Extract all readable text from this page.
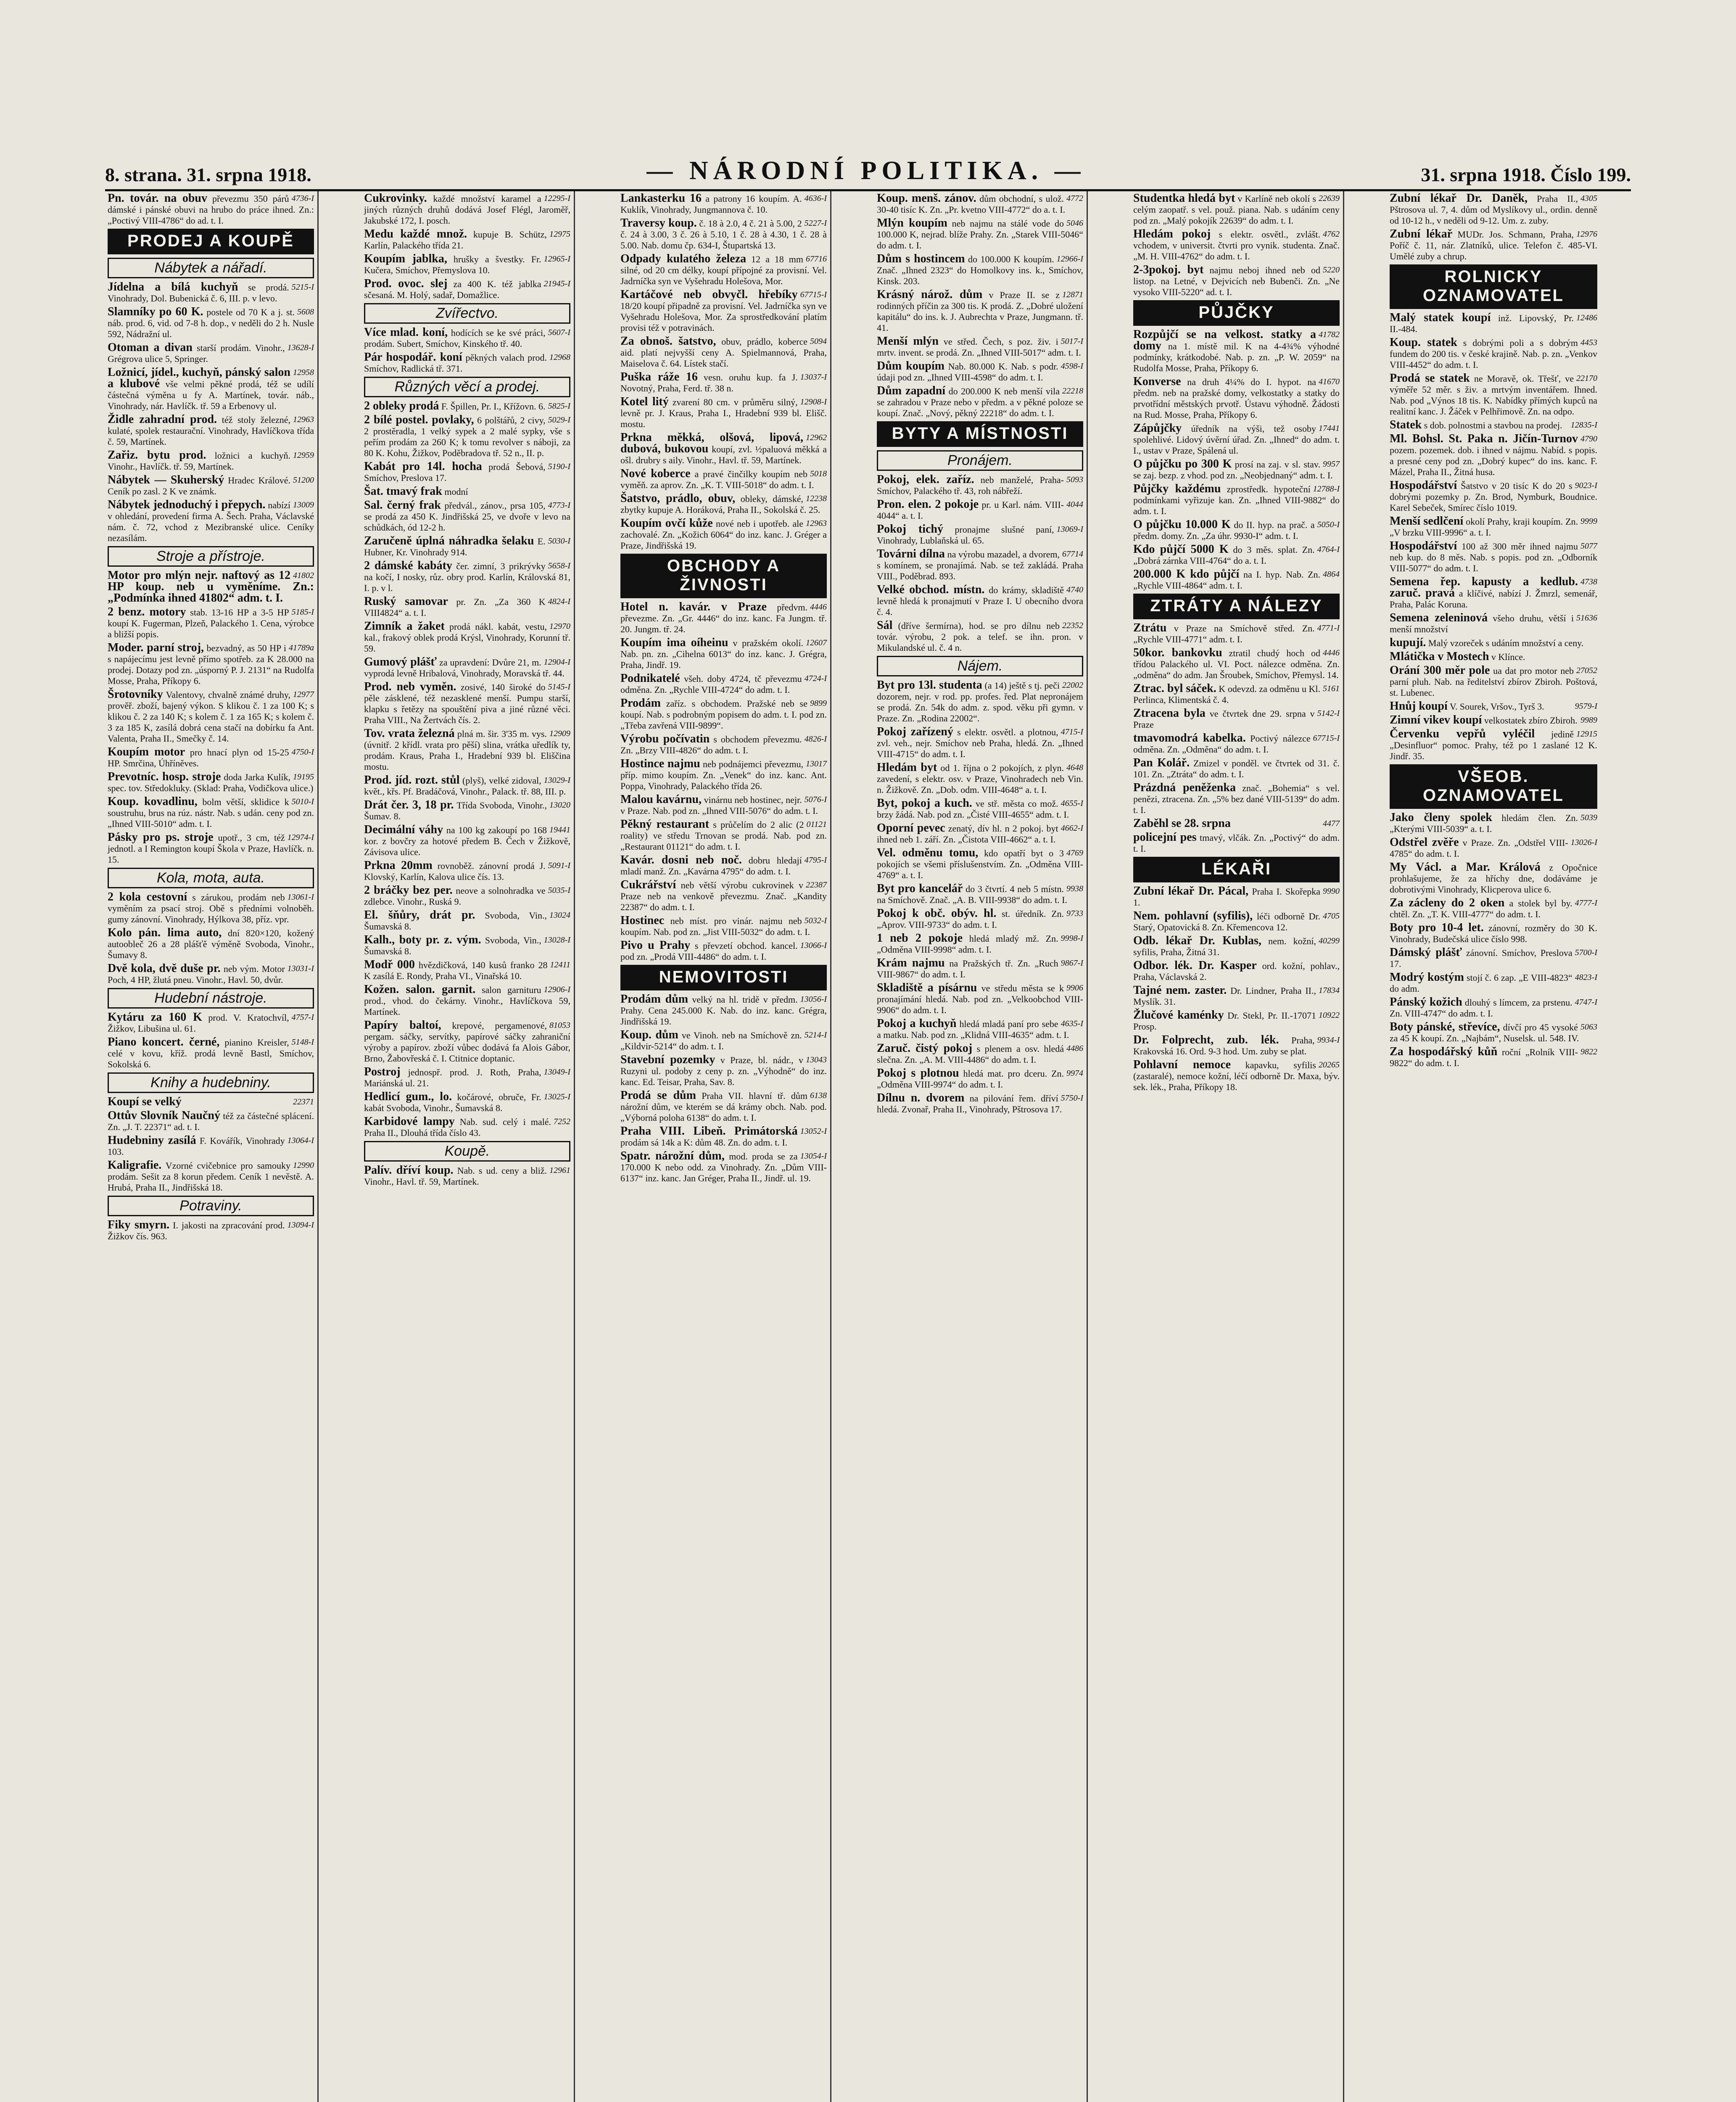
8. strana. 31. srpna 1918.	— NÁRODNÍ POLITIKA. —	31. srpna 1918. Číslo 199.

4736-I
Pn. továr. na obuv převezmu 350 párů dámské i pánské obuvi na hrubo do práce ihned. Zn.: „Poctivý VIII-4786“ do ad. t. I.

PRODEJ A KOUPĚ
Nábytek a nářadí.

5215-I
Jídelna a bílá kuchyň se prodá. Vinohrady, Dol. Bubenická č. 6, III. p. v levo.

5608
Slamníky po 60 K. postele od 70 K a j. st. náb. prod. 6, vid. od 7-8 h. dop., v neděli do 2 h. Nusle 592, Nádražní ul.

13628-I
Otoman a divan starší prodám. Vinohr., Grégrova ulice 5, Springer.

12958
Ložnicí, jídel., kuchyň, pánský salon a klubové vše velmi pěkné prodá, též se udílí částečná výměna u fy A. Martínek, továr. náb., Vinohrady, nár. Havlíčk. tř. 59 a Erbenovy ul.

12963
Židle zahradní prod. též stoly železné, kulaté, spolek restaurační. Vinohrady, Havlíčkova třída č. 59, Martínek.

12959
Zařiz. bytu prod. ložnici a kuchyň. Vinohr., Havlíčk. tř. 59, Martínek.

51200
Nábytek — Skuherský Hradec Králové. Ceník po zasl. 2 K ve známk.

13009
Nábytek jednoduchý i přepych. nabízí v ohledání, provedení firma A. Šech. Praha, Václavské nám. č. 72, vchod z Mezibranské ulice. Ceníky nezasílám.

Stroje a přístroje.

41802
Motor pro mlýn nejr. naftový as 12 HP koup. neb u vyměníme. Zn.: „Podmínka ihned 41802“ adm. t. I.

5185-I
2 benz. motory stab. 13-16 HP a 3-5 HP koupí K. Fugerman, Plzeň, Palackého 1. Cena, výrobce a bližší popis.

41789a
Moder. parní stroj, bezvadný, as 50 HP i s napájecímu jest levně přímo spotřeb. za K 28.000 na prodej. Dotazy pod zn. „úsporný P. J. 2131“ na Rudolfa Mosse, Praha, Příkopy 6.

12977
Šrotovníky Valentovy, chvalně známé druhy, prověř. zboží, bajený výkon. S klikou č. 1 za 100 K; s klikou č. 2 za 140 K; s kolem č. 1 za 165 K; s kolem č. 3 za 185 K, zasílá dobrá cena stačí na dobírku fa Ant. Valenta, Praha II., Smečky č. 14.

4750-I
Koupím motor pro hnací plyn od 15-25 HP. Smrčina, Úhříněves.

19195
Prevotníc. hosp. stroje doda Jarka Kulík, spec. tov. Středokluky. (Sklad: Praha, Vodičkova ulice.)

5010-I
Koup. kovadlinu, bolm větší, sklidice k soustruhu, brus na rúz. nástr. Nab. s udán. ceny pod zn. „Ihned VIII-5010“ adm. t. I.

12974-I
Pásky pro ps. stroje upotř., 3 cm, též jednotl. a I Remington koupí Škola v Praze, Havlíčk. n. 15.

Kola, mota, auta.

13061-I
2 kola cestovní s zárukou, prodám neb vyměním za psací stroj. Obě s předními volnoběh. gumy zánovní. Vinohrady, Hýlkova 38, příz. vpr.

Kolo pán. lima auto, dní 820×120, kožený autoobleč 26 a 28 plášťě výměně Svoboda, Vinohr., Šumavy 8.

13031-I
Dvě kola, dvě duše pr. neb vým. Motor Poch, 4 HP, žlutá pneu. Vinohr., Havl. 50, dvůr.

Hudební nástroje.

4757-I
Kytáru za 160 K prod. V. Kratochvíl, Žižkov, Libušina ul. 61.

5148-I
Piano koncert. černé, pianino Kreisler, celé v kovu, kříž. prodá levně Bastl, Smíchov, Sokolská 6.

Knihy a hudebniny.

22371
Koupí se velký

Ottův Slovník Naučný též za částečné splácení. Zn. „J. T. 22371“ ad. t. I.

13064-I
Hudebniny zasílá F. Kovářík, Vinohrady 103.

12990
Kaligrafie. Vzorné cvičebnice pro samouky prodám. Sešit za 8 korun předem. Ceník 1 nevěstě. A. Hrubá, Praha II., Jindřišská 18.

Potraviny.

13094-I
Fiky smyrn. I. jakosti na zpracování prod. Žižkov čís. 963.

12295-I
Cukrovinky. každé množství karamel a jiných různých druhů dodává Josef Flégl, Jaroměř, Jakubské 172, I. posch.

12975
Medu každé množ. kupuje B. Schütz, Karlín, Palackého třída 21.

12965-I
Koupím jablka, hrušky a švestky. Fr. Kučera, Smíchov, Přemyslova 10.

21945-I
Prod. ovoc. slej za 400 K. též jablka sčesaná. M. Holý, sadař, Domažlice.

Zvířectvo.

5607-I
Více mlad. koní, hodících se ke své práci, prodám. Subert, Smíchov, Kinského tř. 40.

12968
Pár hospodář. koní pěkných valach prod. Smíchov, Radlická tř. 371.

Různých věcí a prodej.

5825-I
2 obleky prodá F. Špillen, Pr. I., Křížovn. 6.

5029-I
2 bílé postel. povlaky, 6 polštářů, 2 civy, 2 prostěradla, 1 velký sypek a 2 malé sypky, vše s peřím prodám za 260 K; k tomu revolver s náboji, za 80 K. Kohu, Žižkov, Poděbradova tř. 52 n., II. p.

5190-I
Kabát pro 14l. hocha prodá Šebová, Smíchov, Preslova 17.

Šat. tmavý frak modní

4773-I
Sal. černý frak předvál., zánov., prsa 105, se prodá za 450 K. Jindřišská 25, ve dvoře v levo na schůdkách, ód 12-2 h.

5030-I
Zaručeně úplná náhradka šelaku E. Hubner, Kr. Vinohrady 914.

5658-I
2 dámské kabáty čer. zimní, 3 prikrývky na kočí, I nosky, růz. obry prod. Karlín, Královská 81, I. p. v l.

4824-I
Ruský samovar pr. Zn. „Za 360 K VIII4824“ a. t. I.

12970
Zimník a žaket prodá nákl. kabát, vestu, kal., frakový oblek prodá Krýsl, Vinohrady, Korunní tř. 59.

12904-I
Gumový plášť za upravdení: Dvůre 21, m. vyprodá levně Hribalová, Vinohrady, Moravská tř. 44.

5145-I
Prod. neb vyměn. zosivé, 140 široké do pěle zásklené, též nezasklené menší. Pumpu starší, klapku s řetězy na spouštění piva a jiné různé věci. Praha VIII., Na Žertvách čís. 2.

12909
Tov. vrata železná plná m. šir. 3'35 m. vys. (úvnitř. 2 křídl. vrata pro pěší) slina, vrátka uředlík ty, prodám. Kraus, Praha I., Hradební 939 bl. Eliščina mostu.

13029-I
Prod. jíd. rozt. stůl (plyš), velké zidoval, květ., křs. Pf. Bradáčová, Vinohr., Palack. tř. 88, III. p.

13020
Drát čer. 3, 18 pr. Třída Svoboda, Vinohr., Šumav. 8.

19441
Decimální váhy na 100 kg zakoupí po 168 kor. z bovčry za hotové předem B. Čech v Žižkově, Závisova ulice.

5091-I
Prkna 20mm rovnoběž. zánovní prodá J. Klovský, Karlín, Kalova ulice čís. 13.

5035-I
2 bráčky bez per. neove a solnohradka ve zdlebce. Vinohr., Ruská 9.

13024
El. šňůry, drát pr. Svoboda, Vin., Šumavská 8.

13028-I
Kalh., boty pr. z. vým. Svoboda, Vin., Šumavská 8.

12411
Modř 000 hvězdičková, 140 kusů franko 28 K zasílá E. Rondy, Praha VI., Vinařská 10.

12906-I
Kožen. salon. garnit. salon garnituru prod., vhod. do čekárny. Vinohr., Havlíčkova 59, Martínek.

81053
Papíry baltoí, krepové, pergamenové, pergam. sáčky, servítky, papírové sáčky zahraniční výroby a papírov. zboží vůbec dodává fa Alois Gábor, Brno, Žabovřeská č. I. Ctitnice doptanic.

13049-I
Postroj jednospř. prod. J. Roth, Praha, Mariánská ul. 21.

13025-I
Hedlicí gum., lo. kočárové, obruče, Fr. kabát Svoboda, Vinohr., Šumavská 8.

7252
Karbidové lampy Nab. sud. celý i malé. Praha II., Dlouhá třída číslo 43.

Koupě.

12961
Palív. dříví koup. Nab. s ud. ceny a bliž. Vinohr., Havl. tř. 59, Martínek.

4636-I
Lankasterku 16 a patrony 16 koupím. A. Kuklík, Vinohrady, Jungmannova č. 10.

5227-I
Traversy koup. č. 18 à 2.0, 4 č. 21 à 5.00, 2 č. 24 à 3.00, 3 č. 26 à 5.10, 1 č. 28 à 4.30, 1 č. 28 à 5.00. Nab. domu čp. 634-I, Štupartská 13.

67716
Odpady kulatého železa 12 a 18 mm silné, od 20 cm délky, koupí přípojné za provisní. Vel. Jadrníčka syn ve Vyšehradu Holešova, Mor.

67715-I
Kartáčové neb obvyčl. hřebíky 18/20 koupí připadně za provisní. Vel. Jadrníčka syn ve Vyšehradu Holešova, Mor. Za sprostředkování platím provisi též v potravinách.

5094
Za obnoš. šatstvo, obuv, prádlo, koberce aid. platí nejvyšší ceny A. Spielmannová, Praha, Maiselova č. 64. Lístek stačí.

13037-I
Puška ráže 16 vesn. oruhu kup. fa J. Novotný, Praha, Ferd. tř. 38 n.

12908-I
Kotel litý zvarení 80 cm. v průměru silný, levně pr. J. Kraus, Praha I., Hradební 939 bl. Elišč. mostu.

12962
Prkna měkká, olšová, lipová, dubová, bukovou koupí, zvl. ½paluová měkká a ošl. drubry s aily. Vinohr., Havl. tř. 59, Martínek.

5018
Nové koberce a pravé činčilky koupím neb vyměň. za aprov. Zn. „K. T. VIII-5018“ do adm. t. I.

12238
Šatstvo, prádlo, obuv, obleky, dámské, zbytky kupuje A. Horáková, Praha II., Sokolská č. 25.

12963
Koupím ovčí kůže nové neb i upotřeb. ale zachovalé. Zn. „Kožich 6064“ do inz. kanc. J. Gréger a Praze, Jindřišská 19.

OBCHODY A ŽIVNOSTI

4446
Hotel n. kavár. v Praze předvm. převezme. Zn. „Gr. 4446“ do inz. kanc. Fa Jungm. tř. 20. Jungm. tř. 24.

12607
Koupím ima oíheinu v pražském okolí. Nab. pn. zn. „Cihelna 6013“ do inz. kanc. J. Grégra, Praha, Jindř. 19.

4724-I
Podnikatelé všeh. doby 4724, tč převezmu odměna. Zn. „Rychle VIII-4724“ do adm. t. I.

9899
Prodám zaříz. s obchodem. Pražské neb se koupí. Nab. s podrobným popisem do adm. t. I. pod zn. „Třeba zavřená VIII-9899“.

4826-I
Výrobu počívatin s obchodem převezmu. Zn. „Brzy VIII-4826“ do adm. t. I.

13017
Hostince najmu neb podnájemci převezmu, příp. mimo koupím. Zn. „Venek“ do inz. kanc. Ant. Poppa, Vinohrady, Palackého třída 26.

5076-I
Malou kavárnu, vinárnu neb hostinec, nejr. v Praze. Nab. pod zn. „Ihned VIII-5076“ do adm. t. I.

01121
Pěkný restaurant s průčelím do 2 alic (2 roality) ve středu Trnovan se prodá. Nab. pod zn. „Restaurant 01121“ do adm. t. I.

4795-I
Kavár. dosni neb noč. dobru hledají mladí manž. Zn. „Kavárna 4795“ do adm. t. I.

22387
Cukrářství neb větší výrobu cukrovinek v Praze neb na venkově převezmu. Znač. „Kandity 22387“ do adm. t. I.

5032-I
Hostinec neb míst. pro vinár. najmu neb koupím. Nab. pod zn. „Jist VIII-5032“ do adm. t. I.

13066-I
Pivo u Prahy s převzetí obchod. kancel. pod zn. „Prodá VIII-4486“ do adm. t. I.

NEMOVITOSTI

13056-I
Prodám dům velký na hl. tridě v předm. Prahy. Cena 245.000 K. Nab. do inz. kanc. Grégra, Jindřišská 19.

5214-I
Koup. dům ve Vinoh. neb na Smíchově zn. „Kildvir-5214“ do adm. t. I.

13043
Stavební pozemky v Praze, bl. nádr., v Ruzyni ul. podoby z ceny p. zn. „Výhodně“ do inz. kanc. Ed. Teisar, Praha, Sav. 8.

6138
Prodá se dům Praha VII. hlavní tř. dům nárožní dům, ve kterém se dá krámy obch. Nab. pod. „Výborná poloha 6138“ do adm. t. I.

13052-I
Praha VIII. Libeň. Primátorská prodám sá 14k a K: dům 48. Zn. do adm. t. I.

13054-I
Spatr. nárožní dům, mod. proda se za 170.000 K nebo odd. za Vinohrady. Zn. „Dům VIII-6137“ inz. kanc. Jan Gréger, Praha II., Jindř. ul. 19.

4772
Koup. menš. zánov. dům obchodní, s ulož. 30-40 tisíc K. Zn. „Pr. kvetno VIII-4772“ do a. t. I.

5046
Mlýn koupím neb najmu na stálé vode do 100.000 K, nejrad. blíže Prahy. Zn. „Starek VIII-5046“ do adm. t. I.

12966-I
Dům s hostincem do 100.000 K koupím. Znač. „Ihned 2323“ do Homolkovy ins. k., Smíchov, Kinsk. 203.

12871
Krásný nárož. dům v Praze II. se z rodinných příčin za 300 tis. K prodá. Z. „Dobré uložení kapitálu“ do ins. k. J. Aubrechta v Praze, Jungmann. tř. 41.

5017-I
Menší mlýn ve střed. Čech, s poz. živ. i mrtv. invent. se prodá. Zn. „Ihned VIII-5017“ adm. t. I.

4598-I
Dům koupím Nab. 80.000 K. Nab. s podr. údaji pod zn. „Ihned VIII-4598“ do adm. t. I.

22218
Dům zapadní do 200.000 K neb menší vila se zahradou v Praze nebo v předm. a v pěkné poloze se koupí. Znač. „Nový, pěkný 22218“ do adm. t. I.

BYTY A MÍSTNOSTI
Pronájem.

5093
Pokoj, elek. zaříz. neb manželé, Praha-Smíchov, Palackého tř. 43, roh nábřeží.

4044
Pron. elen. 2 pokoje pr. u Karl. nám. VIII-4044“ a. t. I.

13069-I
Pokoj tichý pronajme slušné paní, Vinohrady, Lublaňská ul. 65.

67714
Továrni dílna na výrobu mazadel, a dvorem, s komínem, se pronajímá. Nab. se tež zakládá. Praha VIII., Poděbrad. 893.

4740
Velké obchod. místn. do krámy, skladiště levně hledá k pronajmutí v Praze I. U obecního dvora č. 4.

22352
Sál (dříve šermírna), hod. se pro dílnu neb továr. výrobu, 2 pok. a telef. se ihn. pron. v Mikulandské ul. č. 4 n.

Nájem.

22002
Byt pro 13l. studenta (a 14) ještě s tj. peči dozorem, nejr. v rod. pp. profes. řed. Plat nepronájem se prodá. Zn. 54k do adm. z. spod. věku při gymn. v Praze. Zn. „Rodina 22002“.

4715-I
Pokoj zařízený s elektr. osvětl. a plotnou, zvl. veh., nejr. Smíchov neb Praha, hledá. Zn. „Ihned VIII-4715“ do adm. t. I.

4648
Hledám byt od 1. října o 2 pokojích, z plyn. zavedení, s elektr. osv. v Praze, Vinohradech neb Vin. n. Žižkově. Zn. „Dob. odm. VIII-4648“ a. t. I.

4655-I
Byt, pokoj a kuch. ve stř. města co mož. brzy žádá. Nab. pod zn. „Čisté VIII-4655“ adm. t. I.

4662-I
Oporní pevec zenatý, dív hl. n 2 pokoj. byt ihned neb 1. září. Zn. „Čistota VIII-4662“ a. t. I.

4769
Vel. odměnu tomu, kdo opatří byt o 3 pokojích se všemi příslušenstvím. Zn. „Odměna VIII-4769“ a. t. I.

9938
Byt pro kancelář do 3 čtvrtí. 4 neb 5 místn. na Smíchově. Znač. „A. B. VIII-9938“ do adm. t. I.

9733
Pokoj k obč. obýv. hl. st. úředník. Zn. „Aprov. VIII-9733“ do adm. t. I.

9998-I
1 neb 2 pokoje hledá mladý mž. Zn. „Odměna VIII-9998“ adm. t. I.

9867-I
Krám najmu na Pražských tř. Zn. „Ruch VIII-9867“ do adm. t. I.

9906
Skladiště a písárnu ve středu města se k pronajímání hledá. Nab. pod zn. „Velkoobchod VIII-9906“ do adm. t. I.

4635-I
Pokoj a kuchyň hledá mladá paní pro sebe a matku. Nab. pod zn. „Klidná VIII-4635“ adm. t. I.

4486
Zaruč. čistý pokoj s plenem a osv. hledá slečna. Zn. „A. M. VIII-4486“ do adm. t. I.

9974
Pokoj s plotnou hledá mat. pro dceru. Zn. „Odměna VIII-9974“ do adm. t. I.

5750-I
Dílnu n. dvorem na pilování řem. dříví hledá. Zvonař, Praha II., Vinohrady, Pštrosova 17.

22639
Studentka hledá byt v Karlíně neb okolí s celým zaopatř. s vel. použ. piana. Nab. s udáním ceny pod zn. „Malý pokojík 22639“ do adm. t. I.

4762
Hledám pokoj s elektr. osvětl., zvlášt. vchodem, v universit. čtvrti pro vynik. studenta. Znač. „M. H. VIII-4762“ do adm. t. I.

5220
2-3pokoj. byt najmu neboj ihned neb od listop. na Letné, v Dejvicích neb Bubenči. Zn. „Ne vysoko VIII-5220“ ad. t. I.

PŮJČKY

41782
Rozpůjčí se na velkost. statky a domy na 1. místě mil. K na 4-4¾% výhodné podmínky, krátkodobé. Nab. p. zn. „P. W. 2059“ na Rudolfa Mosse, Praha, Příkopy 6.

41670
Konverse na druh 4¼% do I. hypot. na předm. neb na pražské domy, velkostatky a statky do prvotřídní městských prvotř. Ústavu výhodně. Žádosti na Rud. Mosse, Praha, Příkopy 6.

17441
Zápůjčky úředník na výši, tež osoby spolehlivé. Lidový úvěrní úřad. Zn. „Ihned“ do adm. t. I., ustav v Praze, Spálená ul.

9957
O půjčku po 300 K prosí na zaj. v sl. stav. se zaj. bezp. z vhod. pod zn. „Neobjednaný“ adm. t. I.

12788-I
Půjčky každému zprostředk. hypoteční podmínkami vyřizuje kan. Zn. „Ihned VIII-9882“ do adm. t. I.

5050-I
O půjčku 10.000 K do II. hyp. na prač. a předm. domy. Zn. „Za úhr. 9930-I“ adm. t. I.

4764-I
Kdo půjčí 5000 K do 3 měs. splat. Zn. „Dobrá zárnka VIII-4764“ do a. t. I.

4864
200.000 K kdo půjčí na I. hyp. Nab. Zn. „Rychle VIII-4864“ adm. t. I.

ZTRÁTY A NÁLEZY

4771-I
Ztrátu v Praze na Smíchově střed. Zn. „Rychle VIII-4771“ adm. t. I.

4446
50kor. bankovku ztratil chudý hoch od třídou Palackého ul. VI. Poct. nálezce odměna. Zn. „odměna“ do adm. Jan Šroubek, Smíchov, Přemysl. 14.

5161
Ztrac. byl sáček. K odevzd. za odměnu u Kl. Perlinca, Klimentská č. 4.

5142-I
Ztracena byla ve čtvrtek dne 29. srpna v Praze

67715-I
tmavomodrá kabelka. Poctivý nálezce odměna. Zn. „Odměna“ do adm. t. I.

Pan Kolář. Zmizel v ponděl. ve čtvrtek od 31. č. 101. Zn. „Ztráta“ do adm. t. I.

Prázdná peněženka znač. „Bohemia“ s vel. penězi, ztracena. Zn. „5% bez dané VIII-5139“ do adm. t. I.

4477
Zaběhl se 28. srpna

policejní pes tmavý, vlčák. Zn. „Poctivý“ do adm. t. I.

LÉKAŘI

9990
Zubní lékař Dr. Pácal, Praha I. Skořepka 1.

4705
Nem. pohlavní (syfilis), léči odborně Dr. Starý, Opatovická 8. Zn. Křemencova 12.

40299
Odb. lékař Dr. Kublas, nem. kožní, syfilis, Praha, Žitná 31.

Odbor. lék. Dr. Kasper ord. kožní, pohlav., Praha, Václavská 2.

17834
Tajné nem. zaster. Dr. Lindner, Praha II., Myslík. 31.

10922
Žlučové kaménky Dr. Stekl, Pr. II.-17071 Prosp.

9934-I
Dr. Folprecht, zub. lék. Praha, Krakovská 16. Ord. 9-3 hod. Um. zuby se plat.

20265
Pohlavní nemoce kapavku, syfilis (zastaralé), nemoce kožní, léčí odborně Dr. Maxa, býv. sek. lék., Praha, Příkopy 18.

4305
Zubní lékař Dr. Daněk, Praha II., Pštrosova ul. 7, 4. dům od Myslíkovy ul., ordin. denně od 10-12 h., v neděli od 9-12. Um. z. zuby.

12976
Zubní lékař MUDr. Jos. Schmann, Praha, Poříč č. 11, nár. Zlatníků, ulice. Telefon č. 485-VI. Umělé zuby a chrup.

ROLNICKY OZNAMOVATEL

12486
Malý statek koupí inž. Lipovský, Pr. II.-484.

4453
Koup. statek s dobrými poli a s dobrým fundem do 200 tis. v české krajině. Nab. p. zn. „Venkov VIII-4452“ do adm. t. I.

22170
Prodá se statek ne Moravě, ok. Třešť, ve výměře 52 měr. s živ. a mrtvým inventářem. Ihned. Nab. pod „Výnos 18 tis. K. Nabídky přímých kupců na realitní kanc. J. Žáček v Pelhřimově. Zn. na odpo.

12835-I
Statek s dob. polnostmi a stavbou na prodej.

4790
Ml. Bohsl. St. Paka n. Jičín-Turnov pozem. pozemek. dob. i ihned v nájmu. Nabíd. s popis. a presné ceny pod zn. „Dobrý kupec“ do ins. kanc. F. Mázel, Praha II., Žitná husa.

9023-I
Hospodářství Šatstvo v 20 tisíc K do 20 s dobrými pozemky p. Zn. Brod, Nymburk, Boudnice. Karel Sebeček, Smírec číslo 1019.

9999
Menší sedlčení okolí Prahy, kraji koupím. Zn. „V brzku VIII-9996“ a. t. I.

5077
Hospodářství 100 až 300 měr ihned najmu neb kup. do 8 měs. Nab. s popis. pod zn. „Odborník VIII-5077“ do adm. t. I.

4738
Semena řep. kapusty a kedlub. zaruč. pravá a klíčivé, nabízí J. Žmrzl, semenář, Praha, Palác Koruna.

51636
Semena zeleninová všeho druhu, větší i menší množství

kupují. Malý vzoreček s udáním množství a ceny.

Mlátička v Mostech v Klínce.

27052
Orání 300 měr pole ua dat pro motor neb parní pluh. Nab. na ředitelství zbírov Zbiroh. Poštová, st. Lubenec.

9579-I
Hnůj koupí V. Sourek, Vršov., Tyrš 3.

9989
Zimní vikev koupí velkostatek zbíro Zbiroh.

12915
Červenku vepřů vyléčil jedině „Desinfluor“ pomoc. Prahy, též po 1 zaslané 12 K. Jindř. 35.

VŠEOB. OZNAMOVATEL

5039
Jako členy spolek hledám člen. Zn. „Kterými VIII-5039“ a. t. I.

13026-I
Odstřel zvěře v Praze. Zn. „Odstřel VIII-4785“ do adm. t. I.

My Václ. a Mar. Králová z Opočnice prohlašujeme, že za hříchy dne, dodáváme je dobrotivými Vinohrady, Klicperova ulice 6.

4777-I
Za zácleny do 2 oken a stolek byl by. chtěl. Zn. „T. K. VIII-4777“ do adm. t. I.

Boty pro 10-4 let. zánovní, rozměry do 30 K. Vinohrady, Budečská ulice číslo 998.

5700-I
Dámský plášť zánovní. Smíchov, Preslova 17.

4823-I
Modrý kostým stojí č. 6 zap. „E VIII-4823“ do adm.

4747-I
Pánský kožich dlouhý s límcem, za prstenu. Zn. VIII-4747“ do adm. t. I.

5063
Boty pánské, střevíce, dívčí pro 45 vysoké za 45 K koupí. Zn. „Najbám“, Nuselsk. ul. 548. IV.

9822
Za hospodářský kůň roční „Rolník VIII-9822“ do adm. t. I.
